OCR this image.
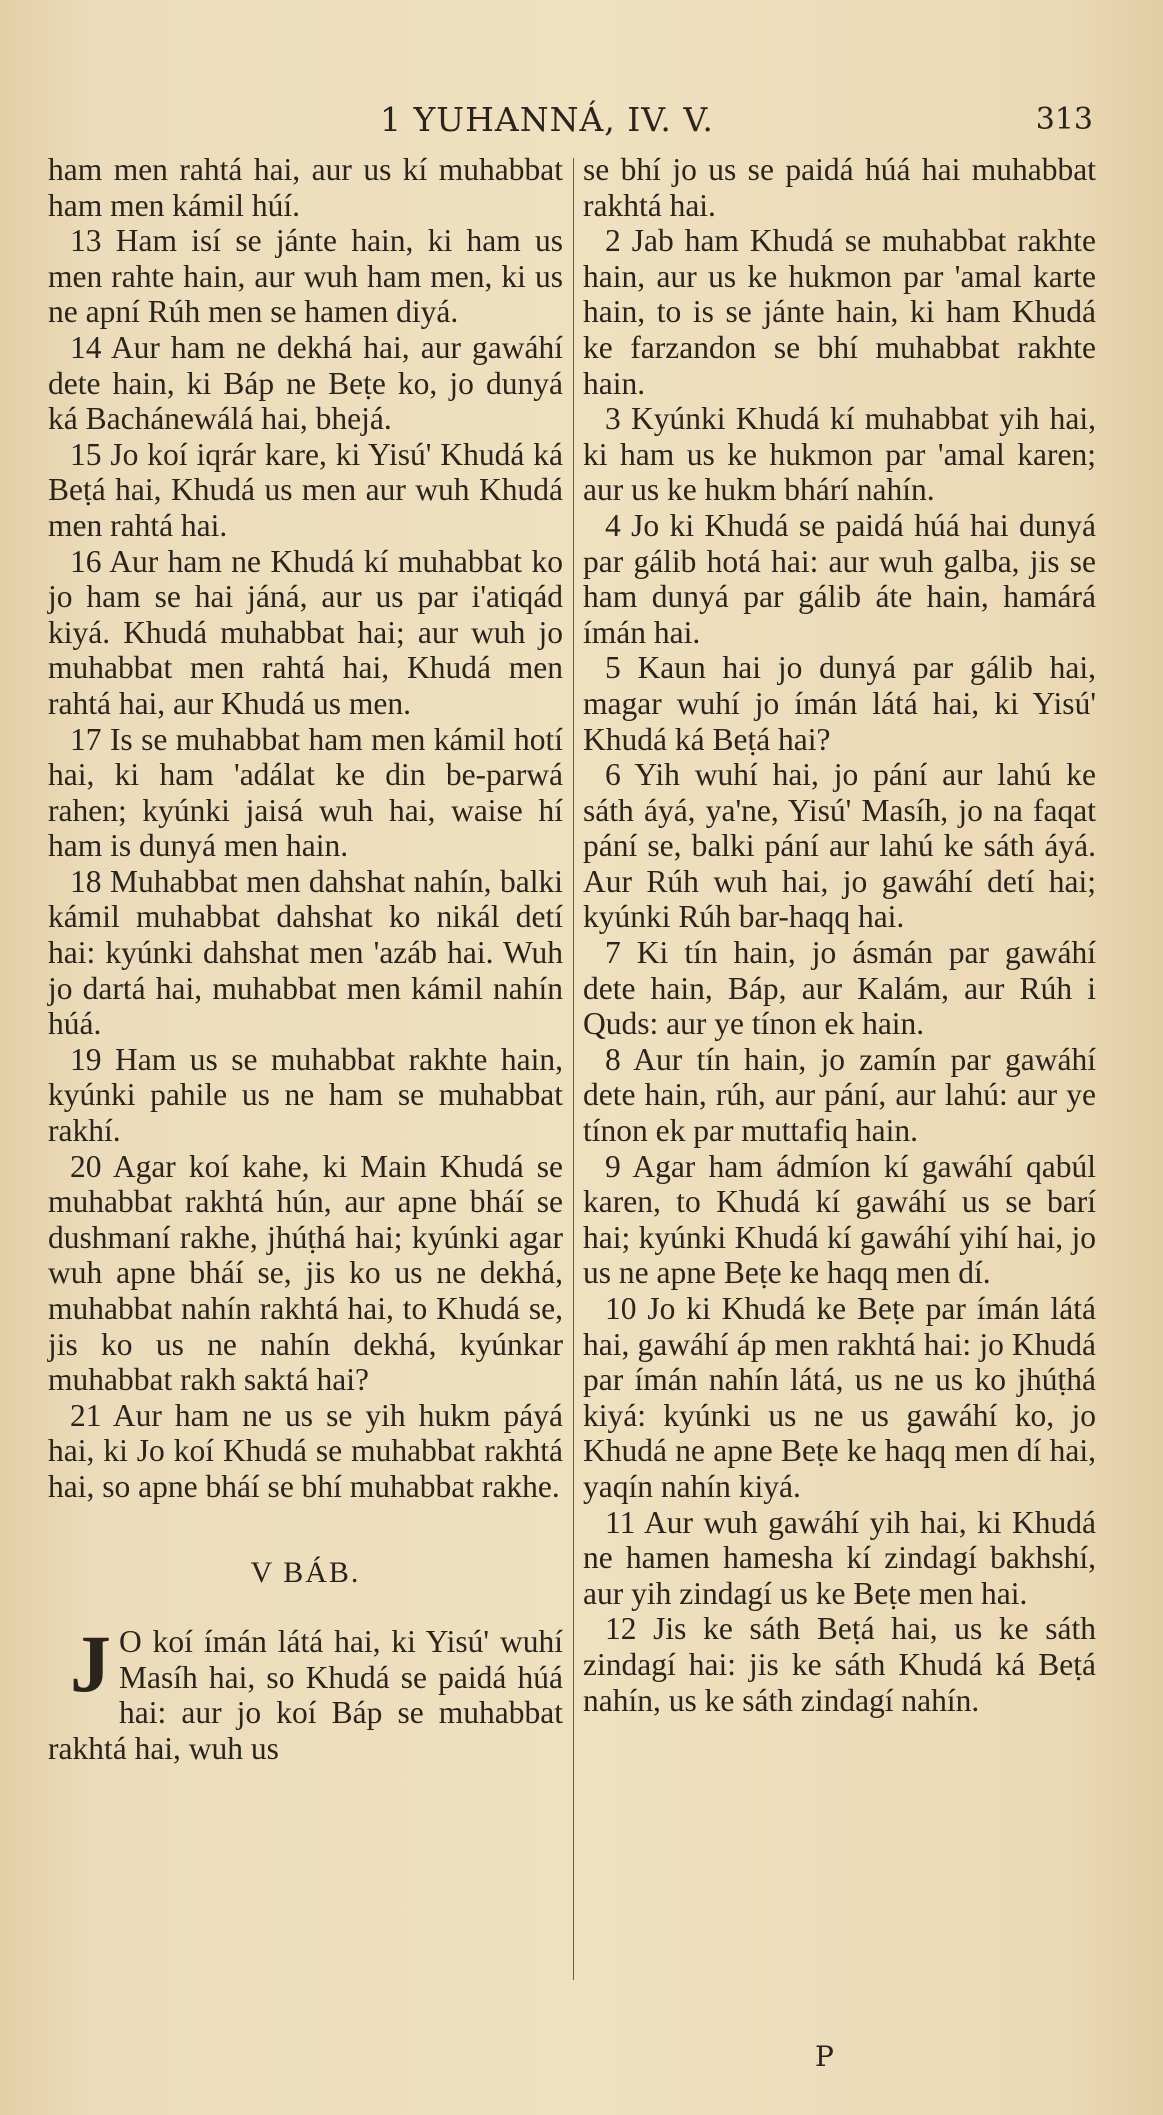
1 YUHANNÁ, IV. V.	313

ham men rahtá hai, aur us kí muhabbat ham men kámil húí.

13 Ham isí se jánte hain, ki ham us men rahte hain, aur wuh ham men, ki us ne apní Rúh men se hamen diyá.

14 Aur ham ne dekhá hai, aur gawáhí dete hain, ki Báp ne Beṭe ko, jo dunyá ká Bachánewálá hai, bhejá.

15 Jo koí iqrár kare, ki Yisú' Khudá ká Beṭá hai, Khudá us men aur wuh Khudá men rahtá hai.

16 Aur ham ne Khudá kí muhabbat ko jo ham se hai jáná, aur us par i'atiqád kiyá. Khudá muhabbat hai; aur wuh jo muhabbat men rahtá hai, Khudá men rahtá hai, aur Khudá us men.

17 Is se muhabbat ham men kámil hotí hai, ki ham 'adálat ke din be-parwá rahen; kyúnki jaisá wuh hai, waise hí ham is dunyá men hain.

18 Muhabbat men dahshat nahín, balki kámil muhabbat dahshat ko nikál detí hai: kyúnki dahshat men 'azáb hai. Wuh jo dartá hai, muhabbat men kámil nahín húá.

19 Ham us se muhabbat rakhte hain, kyúnki pahile us ne ham se muhabbat rakhí.

20 Agar koí kahe, ki Main Khudá se muhabbat rakhtá hún, aur apne bháí se dushmaní rakhe, jhúṭhá hai; kyúnki agar wuh apne bháí se, jis ko us ne dekhá, muhabbat nahín rakhtá hai, to Khudá se, jis ko us ne nahín dekhá, kyúnkar muhabbat rakh saktá hai?

21 Aur ham ne us se yih hukm páyá hai, ki Jo koí Khudá se muhabbat rakhtá hai, so apne bháí se bhí muhabbat rakhe.

V BÁB.

J O koí ímán látá hai, ki Yisú' wuhí Masíh hai, so Khudá se paidá húá hai: aur jo koí Báp se muhabbat rakhtá hai, wuh us

se bhí jo us se paidá húá hai muhabbat rakhtá hai.

2 Jab ham Khudá se muhabbat rakhte hain, aur us ke hukmon par 'amal karte hain, to is se jánte hain, ki ham Khudá ke farzandon se bhí muhabbat rakhte hain.

3 Kyúnki Khudá kí muhabbat yih hai, ki ham us ke hukmon par 'amal karen; aur us ke hukm bhárí nahín.

4 Jo ki Khudá se paidá húá hai dunyá par gálib hotá hai: aur wuh galba, jis se ham dunyá par gálib áte hain, hamárá ímán hai.

5 Kaun hai jo dunyá par gálib hai, magar wuhí jo ímán látá hai, ki Yisú' Khudá ká Beṭá hai?

6 Yih wuhí hai, jo pání aur lahú ke sáth áyá, ya'ne, Yisú' Masíh, jo na faqat pání se, balki pání aur lahú ke sáth áyá. Aur Rúh wuh hai, jo gawáhí detí hai; kyúnki Rúh bar-haqq hai.

7 Ki tín hain, jo ásmán par gawáhí dete hain, Báp, aur Kalám, aur Rúh i Quds: aur ye tínon ek hain.

8 Aur tín hain, jo zamín par gawáhí dete hain, rúh, aur pání, aur lahú: aur ye tínon ek par muttafiq hain.

9 Agar ham ádmíon kí gawáhí qabúl karen, to Khudá kí gawáhí us se barí hai; kyúnki Khudá kí gawáhí yihí hai, jo us ne apne Beṭe ke haqq men dí.

10 Jo ki Khudá ke Beṭe par ímán látá hai, gawáhí áp men rakhtá hai: jo Khudá par ímán nahín látá, us ne us ko jhúṭhá kiyá: kyúnki us ne us gawáhí ko, jo Khudá ne apne Beṭe ke haqq men dí hai, yaqín nahín kiyá.

11 Aur wuh gawáhí yih hai, ki Khudá ne hamen hamesha kí zindagí bakhshí, aur yih zindagí us ke Beṭe men hai.

12 Jis ke sáth Beṭá hai, us ke sáth zindagí hai: jis ke sáth Khudá ká Beṭá nahín, us ke sáth zindagí nahín.

P
